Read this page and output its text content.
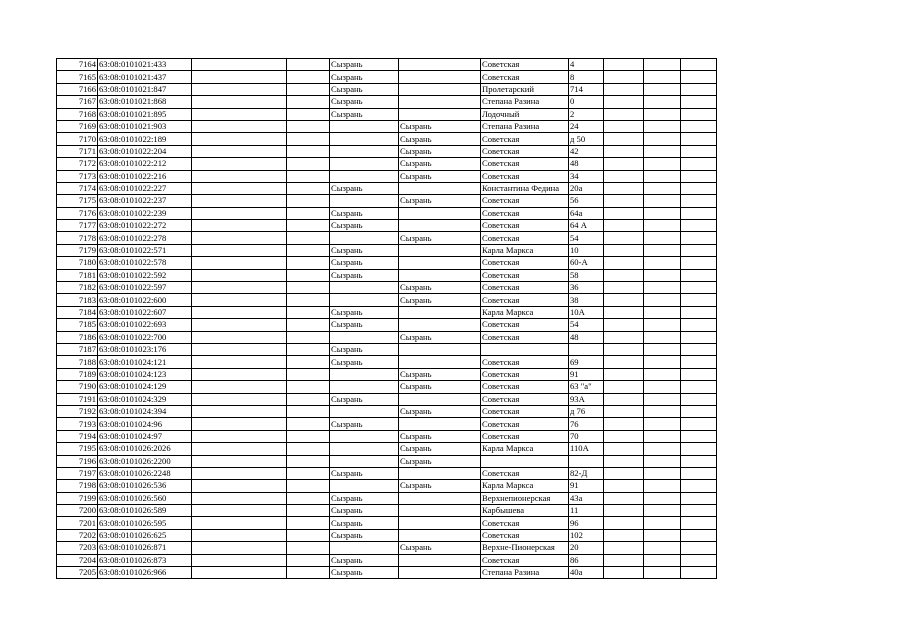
7164	63:08:0101021:433			Сызрань		Советская	4			
7165	63:08:0101021:437			Сызрань		Советская	8			
7166	63:08:0101021:847			Сызрань		Пролетарский	714			
7167	63:08:0101021:868			Сызрань		Степана Разина	0			
7168	63:08:0101021:895			Сызрань		Лодочный	2			
7169	63:08:0101021:903				Сызрань	Степана Разина	24			
7170	63:08:0101022:189				Сызрань	Советская	д 50			
7171	63:08:0101022:204				Сызрань	Советская	42			
7172	63:08:0101022:212				Сызрань	Советская	48			
7173	63:08:0101022:216				Сызрань	Советская	34			
7174	63:08:0101022:227			Сызрань		Константина Федина	20а			
7175	63:08:0101022:237				Сызрань	Советская	56			
7176	63:08:0101022:239			Сызрань		Советская	64а			
7177	63:08:0101022:272			Сызрань		Советская	64 А			
7178	63:08:0101022:278				Сызрань	Советская	54			
7179	63:08:0101022:571			Сызрань		Карла Маркса	10			
7180	63:08:0101022:578			Сызрань		Советская	60-А			
7181	63:08:0101022:592			Сызрань		Советская	58			
7182	63:08:0101022:597				Сызрань	Советская	36			
7183	63:08:0101022:600				Сызрань	Советская	38			
7184	63:08:0101022:607			Сызрань		Карла Маркса	10А			
7185	63:08:0101022:693			Сызрань		Советская	54			
7186	63:08:0101022:700				Сызрань	Советская	48			
7187	63:08:0101023:176			Сызрань						
7188	63:08:0101024:121			Сызрань		Советская	69			
7189	63:08:0101024:123				Сызрань	Советская	91			
7190	63:08:0101024:129				Сызрань	Советская	63 "а"			
7191	63:08:0101024:329			Сызрань		Советская	93А			
7192	63:08:0101024:394				Сызрань	Советская	д 76			
7193	63:08:0101024:96			Сызрань		Советская	76			
7194	63:08:0101024:97				Сызрань	Советская	70			
7195	63:08:0101026:2026				Сызрань	Карла Маркса	110А			
7196	63:08:0101026:2200				Сызрань					
7197	63:08:0101026:2248			Сызрань		Советская	82-Д			
7198	63:08:0101026:536				Сызрань	Карла Маркса	91			
7199	63:08:0101026:560			Сызрань		Верхнепионерская	43а			
7200	63:08:0101026:589			Сызрань		Карбышева	11			
7201	63:08:0101026:595			Сызрань		Советская	96			
7202	63:08:0101026:625			Сызрань		Советская	102			
7203	63:08:0101026:871				Сызрань	Верхне-Пионерская	20			
7204	63:08:0101026:873			Сызрань		Советская	86			
7205	63:08:0101026:966			Сызрань		Степана Разина	40а			
